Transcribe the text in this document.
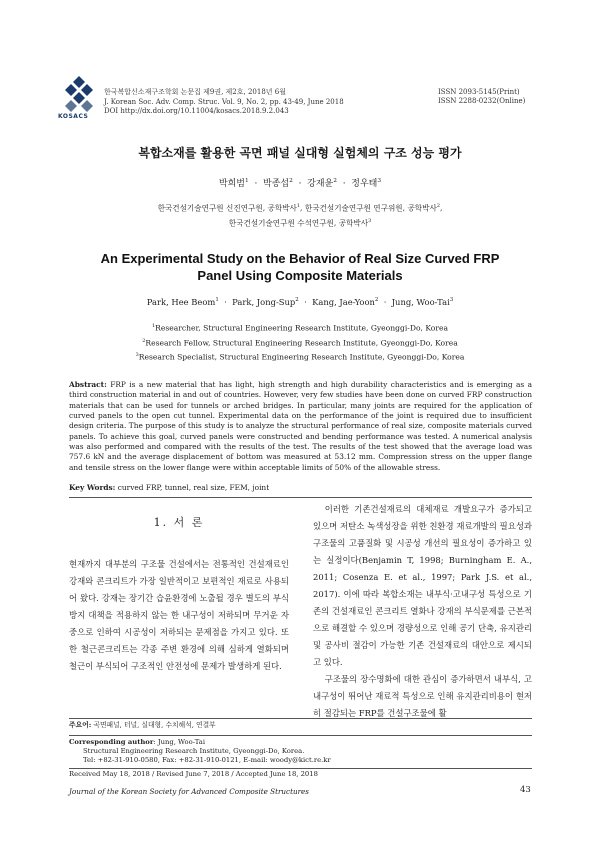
KOSACS
한국복합신소재구조학회 논문집 제9권, 제2호, 2018년 6월
J. Korean Soc. Adv. Comp. Struc. Vol. 9, No. 2, pp. 43-49, June 2018
DOI http://dx.doi.org/10.11004/kosacs.2018.9.2.043
ISSN 2093-5145(Print)
ISSN 2288-0232(Online)
복합소재를 활용한 곡면 패널 실대형 실험체의 구조 성능 평가
박희범$^1$  ·  박종섭$^2$  ·  강재윤$^2$  ·  정우태$^3$
한국건설기술연구원 신진연구원, 공학박사$^1$, 한국건설기술연구원 연구위원, 공학박사$^2$,
한국건설기술연구원 수석연구원, 공학박사$^3$
An Experimental Study on the Behavior of Real Size Curved FRP
Panel Using Composite Materials
Park, Hee Beom$^1$  ·  Park, Jong-Sup$^2$  ·  Kang, Jae-Yoon$^2$  ·  Jung, Woo-Tai$^3$
$^1$Researcher, Structural Engineering Research Institute, Gyeonggi-Do, Korea
$^2$Research Fellow, Structural Engineering Research Institute, Gyeonggi-Do, Korea
$^3$Research Specialist, Structural Engineering Research Institute, Gyeonggi-Do, Korea
Abstract: FRP is a new material that has light, high strength and high durability characteristics and is emerging as a third construction material in and out of countries. However, very few studies have been done on curved FRP construction materials that can be used for tunnels or arched bridges. In particular, many joints are required for the application of curved panels to the open cut tunnel. Experimental data on the performance of the joint is required due to insufficient design criteria. The purpose of this study is to analyze the structural performance of real size, composite materials curved panels. To achieve this goal, curved panels were constructed and bending performance was tested. A numerical analysis was also performed and compared with the results of the test. The results of the test showed that the average load was 757.6 kN and the average displacement of bottom was measured at 53.12 mm. Compression stress on the upper flange and tensile stress on the lower flange were within acceptable limits of 50% of the allowable stress.
Key Words: curved FRP, tunnel, real size, FEM, joint
1. 서 론
현재까지 대부분의 구조물 건설에서는 전통적인 건설재료인 강재와 콘크리트가 가장 일반적이고 보편적인 재료로 사용되어 왔다. 강재는 장기간 습윤환경에 노출될 경우 별도의 부식방지 대책을 적용하지 않는 한 내구성이 저하되며 무거운 자중으로 인하여 시공성이 저하되는 문제점을 가지고 있다. 또한 철근콘크리트는 각종 주변 환경에 의해 심하게 열화되며 철근이 부식되어 구조적인 안전성에 문제가 발생하게 된다.
이러한 기존건설재료의 대체재료 개발요구가 증가되고 있으며 저탄소 녹색성장을 위한 친환경 재료개발의 필요성과 구조물의 고품질화 및 시공성 개선의 필요성이 증가하고 있는 실정이다(Benjamin T, 1998; Burningham E. A., 2011; Cosenza E. et al., 1997; Park J.S. et al., 2017). 이에 따라 복합소재는 내부식·고내구성 특성으로 기존의 건설재료인 콘크리트 열화나 강재의 부식문제를 근본적으로 해결할 수 있으며 경량성으로 인해 공기 단축, 유지관리 및 공사비 절감이 가능한 기존 건설재료의 대안으로 제시되고 있다.
구조물의 장수명화에 대한 관심이 증가하면서 내부식, 고내구성이 뛰어난 재료적 특성으로 인해 유지관리비용이 현저히 절감되는 FRP를 건설구조물에 활
주요어: 곡면패널, 터널, 실대형, 수치해석, 연결부
Corresponding author: Jung, Woo-Tai
Structural Engineering Research Institute, Gyeonggi-Do, Korea.
Tel: +82-31-910-0580, Fax: +82-31-910-0121, E-mail: woody@kict.re.kr
Received May 18, 2018 / Revised June 7, 2018 / Accepted June 18, 2018
Journal of the Korean Society for Advanced Composite Structures	43
